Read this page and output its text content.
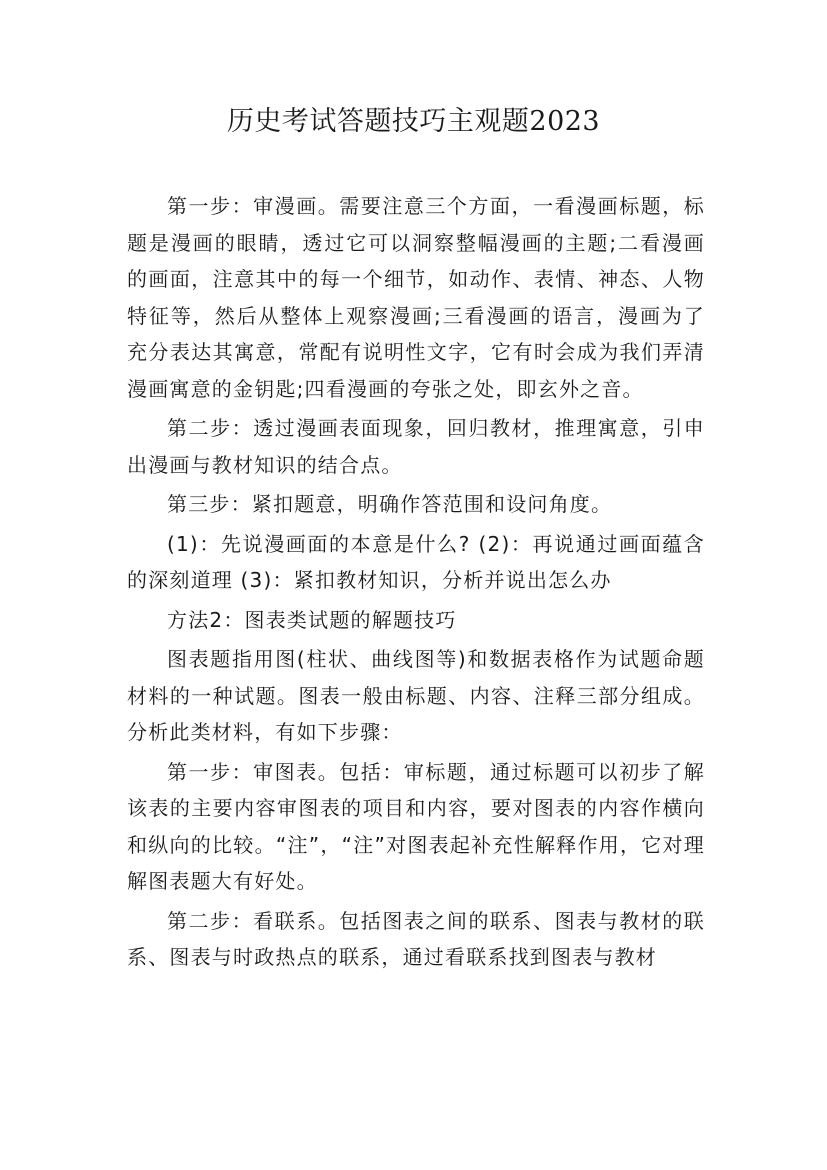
历史考试答题技巧主观题2023

第一步：审漫画。需要注意三个方面，一看漫画标题，标题是漫画的眼睛，透过它可以洞察整幅漫画的主题;二看漫画的画面，注意其中的每一个细节，如动作、表情、神态、人物特征等，然后从整体上观察漫画;三看漫画的语言，漫画为了充分表达其寓意，常配有说明性文字，它有时会成为我们弄清漫画寓意的金钥匙;四看漫画的夸张之处，即玄外之音。

第二步：透过漫画表面现象，回归教材，推理寓意，引申出漫画与教材知识的结合点。

第三步：紧扣题意，明确作答范围和设问角度。

(1)：先说漫画面的本意是什么? (2)：再说通过画面蕴含的深刻道理 (3)：紧扣教材知识，分析并说出怎么办

方法2：图表类试题的解题技巧

图表题指用图(柱状、曲线图等)和数据表格作为试题命题材料的一种试题。图表一般由标题、内容、注释三部分组成。分析此类材料，有如下步骤：

第一步：审图表。包括：审标题，通过标题可以初步了解该表的主要内容审图表的项目和内容，要对图表的内容作横向和纵向的比较。“注”，“注”对图表起补充性解释作用，它对理解图表题大有好处。

第二步：看联系。包括图表之间的联系、图表与教材的联系、图表与时政热点的联系，通过看联系找到图表与教材
